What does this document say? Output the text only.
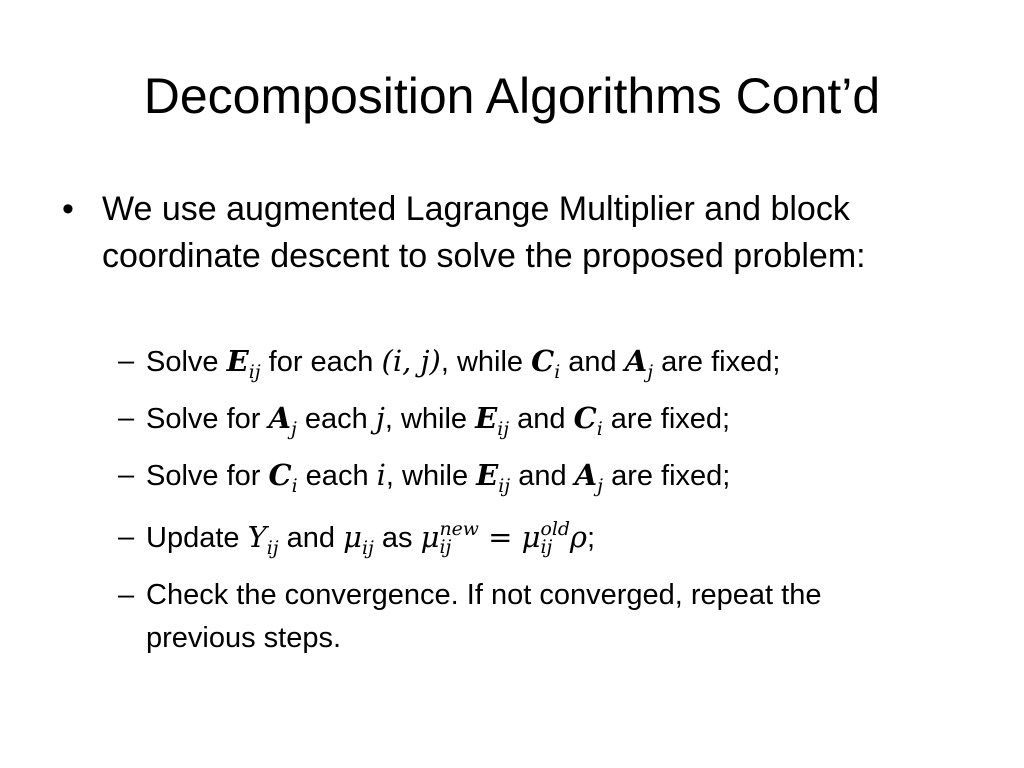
Decomposition Algorithms Cont’d
• We use augmented Lagrange Multiplier and block coordinate descent to solve the proposed problem:
– Solve $E_{ij}$ for each (i, j), while $C_i$ and $A_j$ are fixed;
– Solve for $A_j$ each j, while $E_{ij}$ and $C_i$ are fixed;
– Solve for $C_i$ each i, while $E_{ij}$ and $A_j$ are fixed;
– Update $Y_{ij}$ and $\mu_{ij}$ as μ new
ij = μ old
ij ρ;
– Check the convergence. If not converged, repeat the previous steps.
